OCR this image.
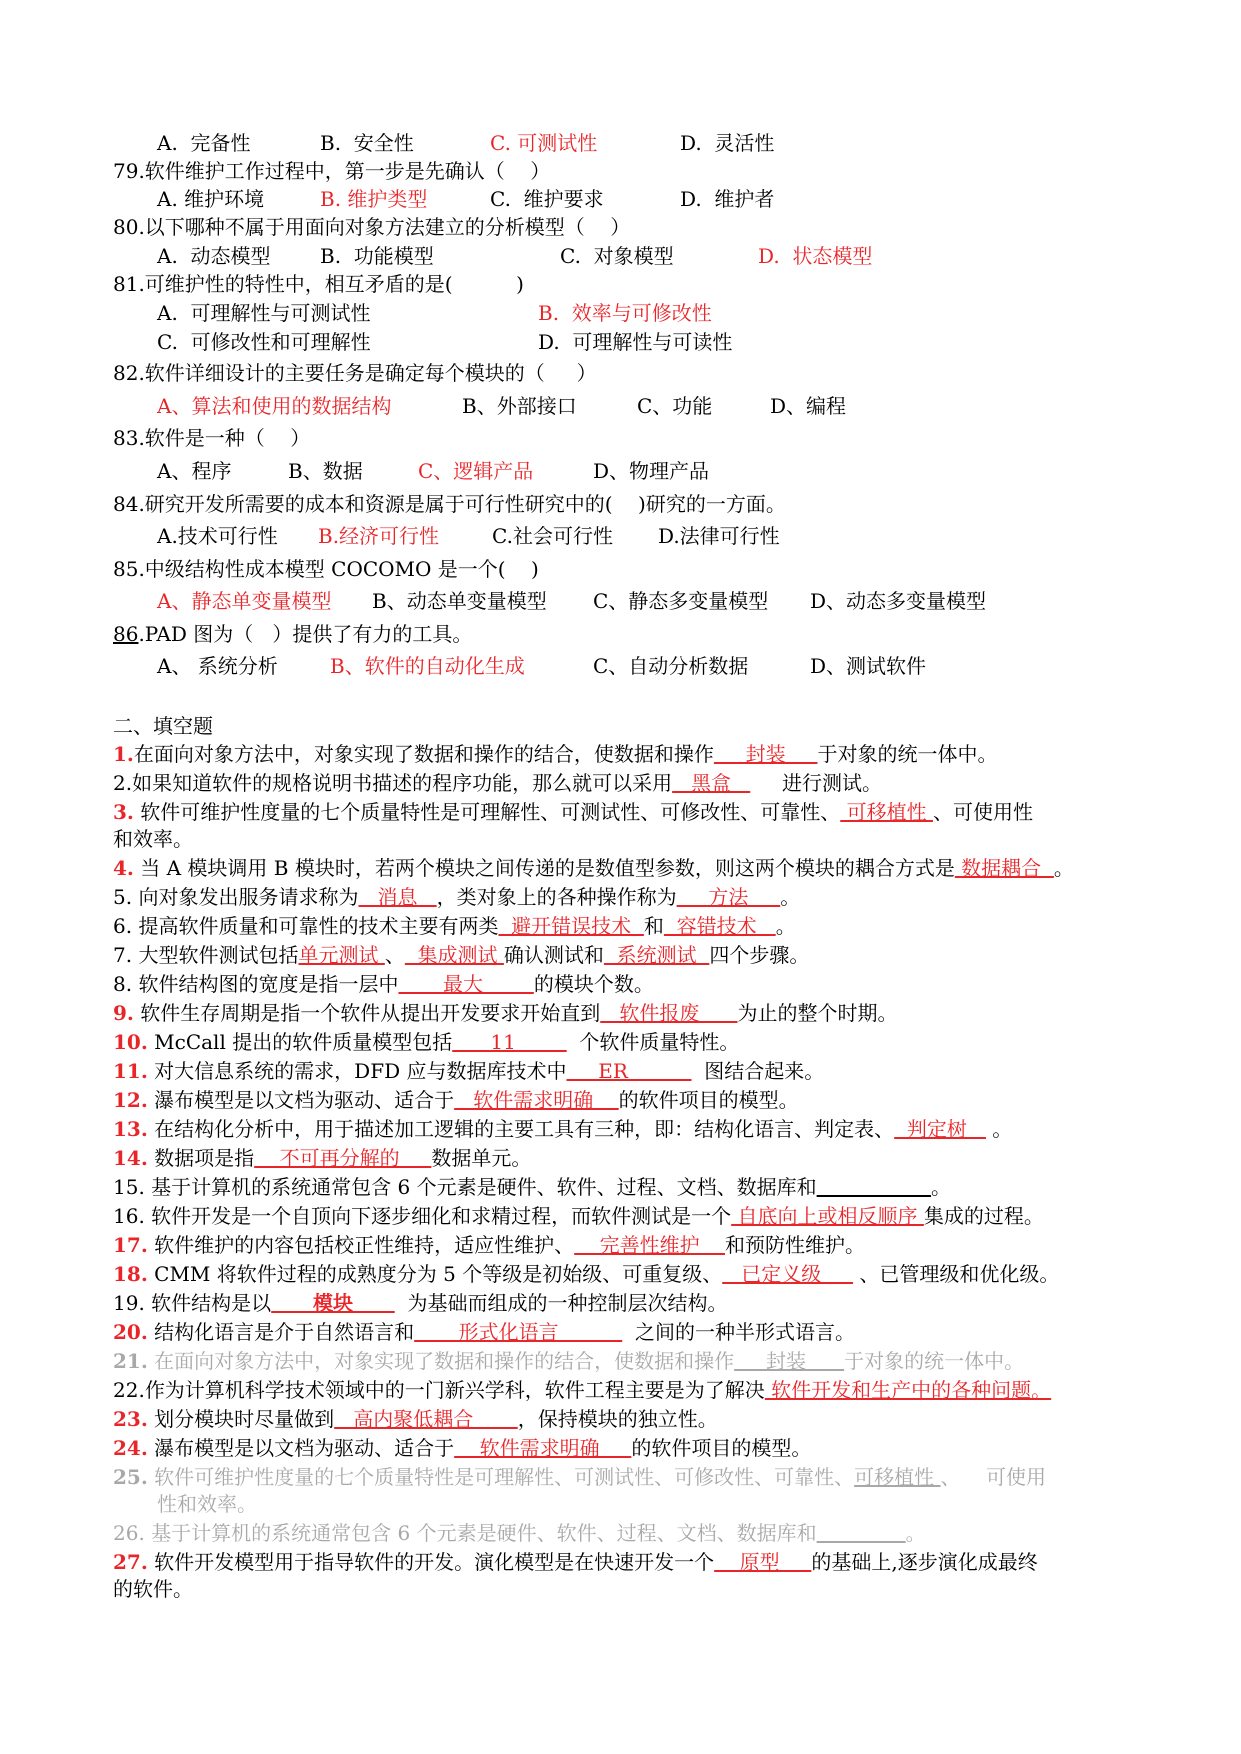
A.  完备性	B.  安全性	C. 可测试性	D.  灵活性
79.软件维护工作过程中，第一步是先确认（    ）
A. 维护环境	B. 维护类型	C.  维护要求	D.  维护者
80.以下哪种不属于用面向对象方法建立的分析模型（    ）
A.  动态模型 B.  功能模型	C.  对象模型	D.  状态模型
81.可维护性的特性中，相互矛盾的是(          )
A.  可理解性与可测试性	B.  效率与可修改性
C.  可修改性和可理解性	D.  可理解性与可读性
82.软件详细设计的主要任务是确定每个模块的（     ）
A、算法和使用的数据结构	B、外部接口	C、功能	D、编程
83.软件是一种（    ）
A、程序	B、数据	C、逻辑产品	D、物理产品
84.研究开发所需要的成本和资源是属于可行性研究中的(    )研究的一方面。
A.技术可行性 B.经济可行性	C.社会可行性 D.法律可行性
85.中级结构性成本模型 COCOMO 是一个(    )
A、静态单变量模型 B、动态单变量模型 C、静态多变量模型 D、动态多变量模型
86.PAD 图为（   ）提供了有力的工具。
A、 系统分析	B、软件的自动化生成	C、自动分析数据	D、测试软件
二、填空题
1.在面向对象方法中，对象实现了数据和操作的结合，使数据和操作     封装     于对象的统一体中。
2.如果知道软件的规格说明书描述的程序功能，那么就可以采用   黑盒        进行测试。
3. 软件可维护性度量的七个质量特性是可理解性、可测试性、可修改性、可靠性、 可移植性 、可使用性
和效率。
4. 当 A 模块调用 B 模块时，若两个模块之间传递的是数值型参数，则这两个模块的耦合方式是 数据耦合  。
5. 向对象发出服务请求称为   消息   ，类对象上的各种操作称为     方法     。
6. 提高软件质量和可靠性的技术主要有两类  避开错误技术  和  容错技术   。
7. 大型软件测试包括单元测试 、  集成测试 确认测试和  系统测试  四个步骤。
8. 软件结构图的宽度是指一层中       最大        的模块个数。
9. 软件生存周期是指一个软件从提出开发要求开始直到   软件报废      为止的整个时期。
10. McCall 提出的软件质量模型包括      11          个软件质量特性。
11. 对大信息系统的需求，DFD 应与数据库技术中     ER            图结合起来。
12. 瀑布模型是以文档为驱动、适合于   软件需求明确    的软件项目的模型。
13. 在结构化分析中，用于描述加工逻辑的主要工具有三种，即：结构化语言、判定表、  判定树    。
14. 数据项是指    不可再分解的     数据单元。
15. 基于计算机的系统通常包含 6 个元素是硬件、软件、过程、文档、数据库和	。
16. 软件开发是一个自顶向下逐步细化和求精过程，而软件测试是一个 自底向上或相反顺序 集成的过程。
17. 软件维护的内容包括校正性维持，适应性维护、    完善性维护    和预防性维护。
18. CMM 将软件过程的成熟度分为 5 个等级是初始级、可重复级、   已定义级      、已管理级和优化级。
19. 软件结构是以      模块        为基础而组成的一种控制层次结构。
20. 结构化语言是介于自然语言和       形式化语言            之间的一种半形式语言。
21. 在面向对象方法中，对象实现了数据和操作的结合，使数据和操作     封装      于对象的统一体中。
22.作为计算机科学技术领域中的一门新兴学科，软件工程主要是为了解决 软件开发和生产中的各种问题。
23. 划分模块时尽量做到   高内聚低耦合       ，保持模块的独立性。
24. 瀑布模型是以文档为驱动、适合于    软件需求明确     的软件项目的模型。
25. 软件可维护性度量的七个质量特性是可理解性、可测试性、可修改性、可靠性、可移植性 、    可使用
性和效率。
26. 基于计算机的系统通常包含 6 个元素是硬件、软件、过程、文档、数据库和	。
27. 软件开发模型用于指导软件的开发。演化模型是在快速开发一个    原型     的基础上,逐步演化成最终
的软件。
